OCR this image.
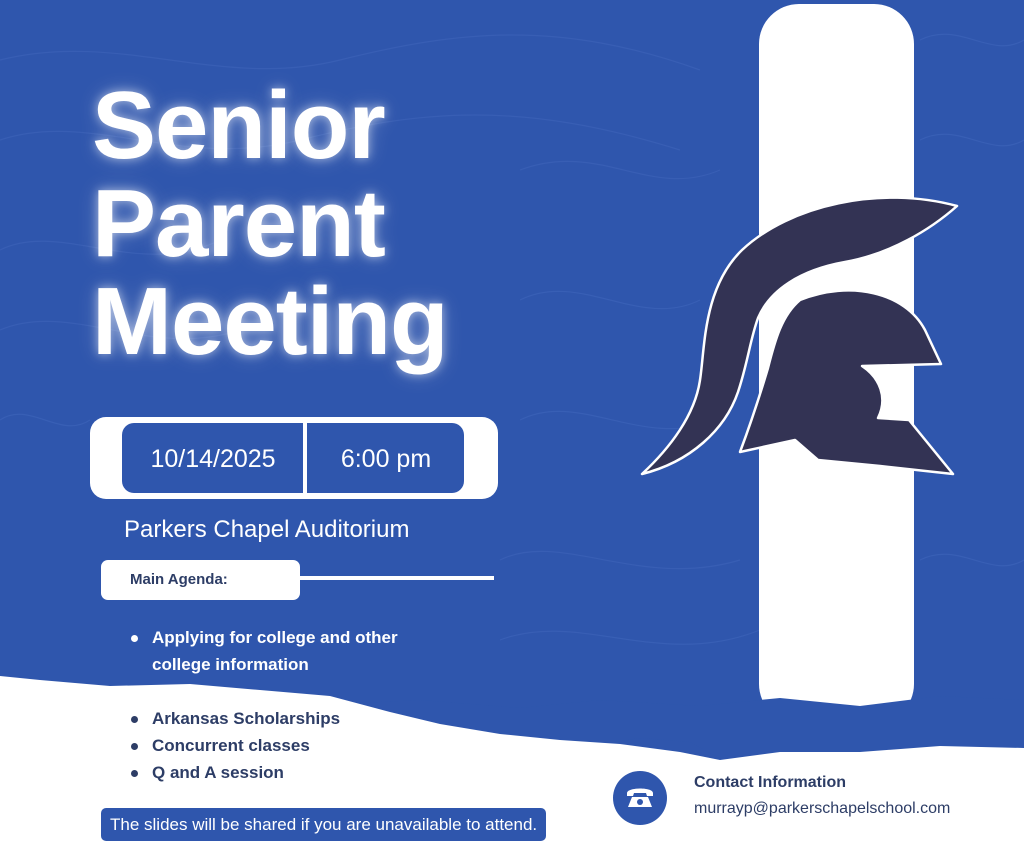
Senior
Parent
Meeting
10/14/2025	6:00 pm
Parkers Chapel Auditorium
Main Agenda:
Applying for college and other
college information
FAFSA
Arkansas Scholarships
Concurrent classes
Q and A session
The slides will be shared if you are unavailable to attend.
Contact Information
murrayp@parkerschapelschool.com
